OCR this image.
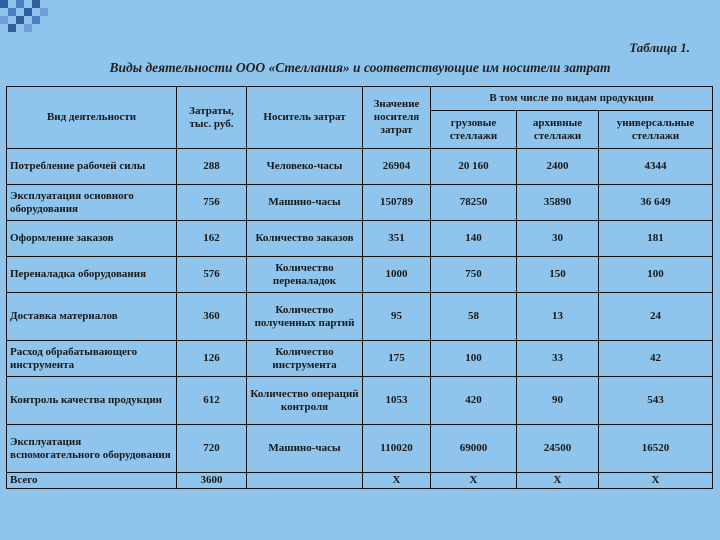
Таблица 1.
Виды деятельности ООО «Стеллания» и соответствующие им носители затрат
Вид деятельности	Затраты, тыс. руб.	Носитель затрат	Значение носителя затрат	В том числе по видам продукции		
				грузовые стеллажи	архивные стеллажи	универсальные стеллажи
Потребление рабочей силы	288	Человеко-часы	26904	20 160	2400	4344
Эксплуатация основного оборудования	756	Машино-часы	150789	78250	35890	36 649
Оформление заказов	162	Количество заказов	351	140	30	181
Переналадка оборудования	576	Количество переналадок	1000	750	150	100
Доставка материалов	360	Количество полученных партий	95	58	13	24
Расход обрабатывающего инструмента	126	Количество инструмента	175	100	33	42
Контроль качества продукции	612	Количество операций контроля	1053	420	90	543
Эксплуатация вспомогательного оборудования	720	Машино-часы	110020	69000	24500	16520
Всего	3600		Х	Х	Х	Х
